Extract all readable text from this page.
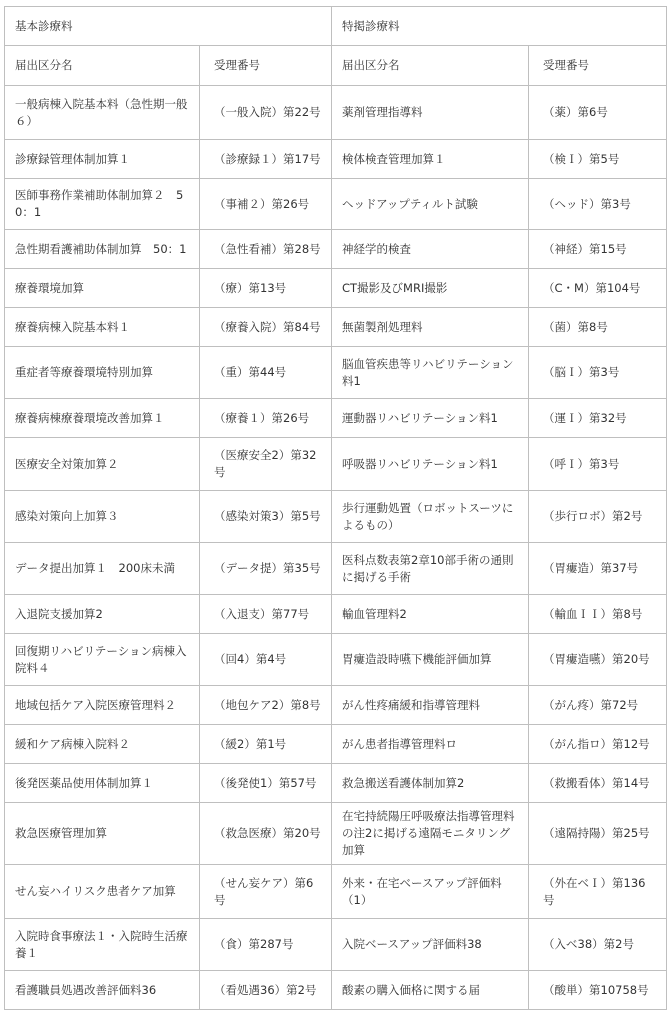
基本診療料		特掲診療料	
届出区分名	受理番号	届出区分名	受理番号
一般病棟入院基本料（急性期一般６）	（一般入院）第22号	薬剤管理指導料	（薬）第6号
診療録管理体制加算１	（診療録１）第17号	検体検査管理加算１	（検Ｉ）第5号
医師事務作業補助体制加算２　50：1	（事補２）第26号	ヘッドアップティルト試験	（ヘッド）第3号
急性期看護補助体制加算　50：1	（急性看補）第28号	神経学的検査	（神経）第15号
療養環境加算	（療）第13号	CT撮影及びMRI撮影	（C・M）第104号
療養病棟入院基本料１	（療養入院）第84号	無菌製剤処理料	（菌）第8号
重症者等療養環境特別加算	（重）第44号	脳血管疾患等リハビリテーション料1	（脳Ｉ）第3号
療養病棟療養環境改善加算１	（療養１）第26号	運動器リハビリテーション料1	（運Ｉ）第32号
医療安全対策加算２	（医療安全2）第32号	呼吸器リハビリテーション料1	（呼Ｉ）第3号
感染対策向上加算３	（感染対策3）第5号	歩行運動処置（ロボットスーツによるもの）	（歩行ロボ）第2号
データ提出加算１　200床未満	（データ提）第35号	医科点数表第2章10部手術の通則に掲げる手術	（胃瘻造）第37号
入退院支援加算2	（入退支）第77号	輸血管理料2	（輸血ＩＩ）第8号
回復期リハビリテーション病棟入院料４	（回4）第4号	胃瘻造設時嚥下機能評価加算	（胃瘻造嚥）第20号
地域包括ケア入院医療管理料２	（地包ケア2）第8号	がん性疼痛緩和指導管理料	（がん疼）第72号
緩和ケア病棟入院料２	（緩2）第1号	がん患者指導管理料ロ	（がん指ロ）第12号
後発医薬品使用体制加算１	（後発使1）第57号	救急搬送看護体制加算2	（救搬看体）第14号
救急医療管理加算	（救急医療）第20号	在宅持続陽圧呼吸療法指導管理料の注2に掲げる遠隔モニタリング加算	（遠隔持陽）第25号
せん妄ハイリスク患者ケア加算	（せん妄ケア）第6号	外来・在宅ベースアップ評価料（1）	（外在ベＩ）第136号
入院時食事療法１・入院時生活療養１	（食）第287号	入院ベースアップ評価料38	（入ベ38）第2号
看護職員処遇改善評価料36	（看処遇36）第2号	酸素の購入価格に関する届	（酸単）第10758号
